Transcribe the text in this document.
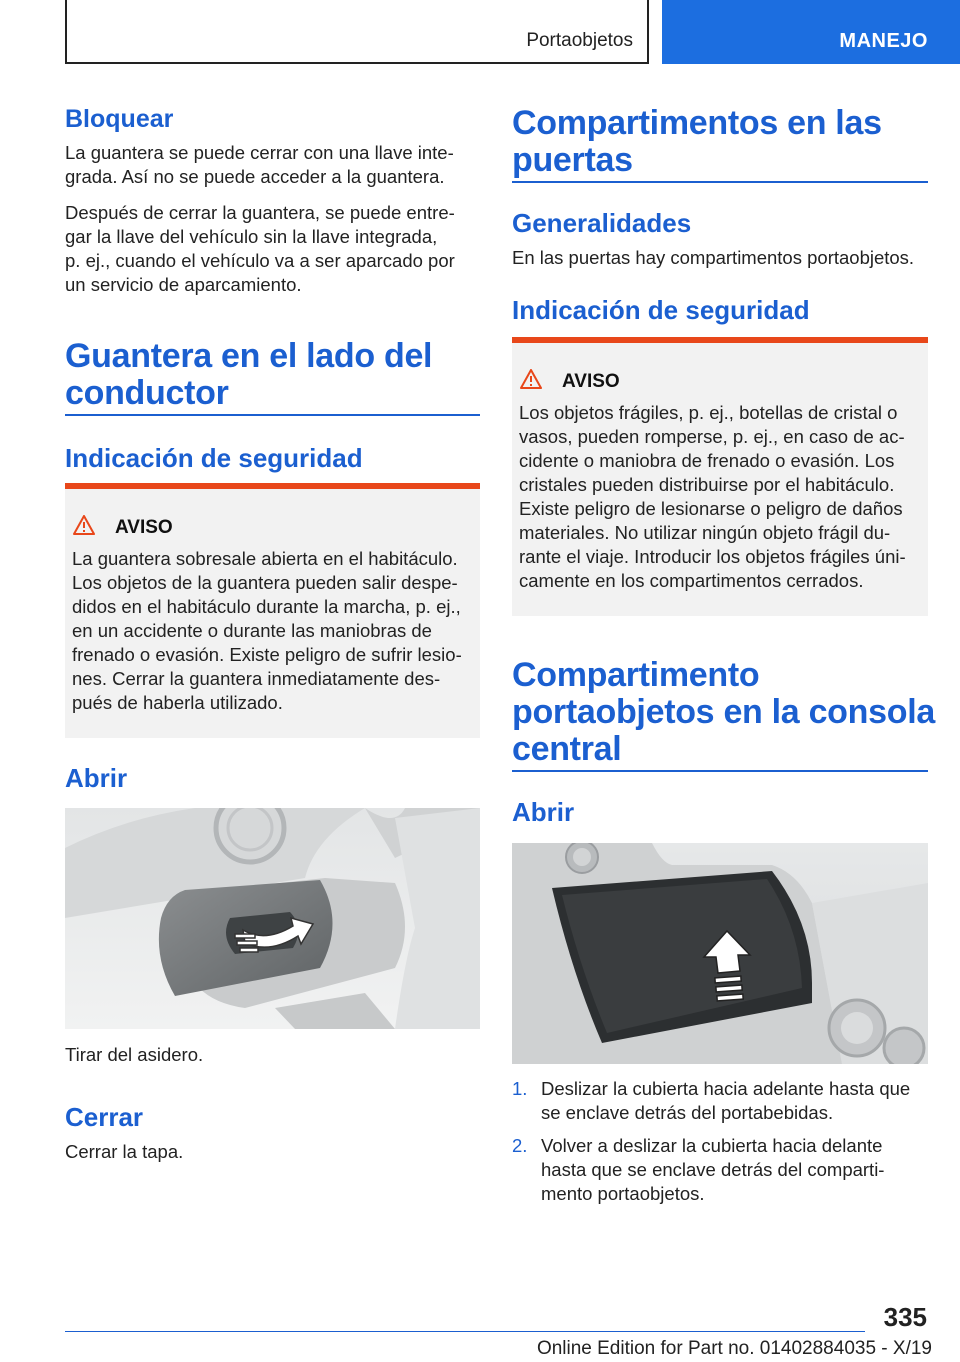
Portaobjetos	MANEJO
Bloquear
La guantera se puede cerrar con una llave inte-
grada. Así no se puede acceder a la guantera.
Después de cerrar la guantera, se puede entre-
gar la llave del vehículo sin la llave integrada,
p. ej., cuando el vehículo va a ser aparcado por
un servicio de aparcamiento.
Guantera en el lado del
conductor
Indicación de seguridad
AVISO
La guantera sobresale abierta en el habitáculo.
Los objetos de la guantera pueden salir despe-
didos en el habitáculo durante la marcha, p. ej.,
en un accidente o durante las maniobras de
frenado o evasión. Existe peligro de sufrir lesio-
nes. Cerrar la guantera inmediatamente des-
pués de haberla utilizado.
Abrir
Tirar del asidero.
Cerrar
Cerrar la tapa.
Compartimentos en las
puertas
Generalidades
En las puertas hay compartimentos portaobjetos.
Indicación de seguridad
AVISO
Los objetos frágiles, p. ej., botellas de cristal o
vasos, pueden romperse, p. ej., en caso de ac-
cidente o maniobra de frenado o evasión. Los
cristales pueden distribuirse por el habitáculo.
Existe peligro de lesionarse o peligro de daños
materiales. No utilizar ningún objeto frágil du-
rante el viaje. Introducir los objetos frágiles úni-
camente en los compartimentos cerrados.
Compartimento
portaobjetos en la consola
central
Abrir
1. Deslizar la cubierta hacia adelante hasta que
se enclave detrás del portabebidas.
2. Volver a deslizar la cubierta hacia delante
hasta que se enclave detrás del comparti-
mento portaobjetos.
335
Online Edition for Part no. 01402884035 - X/19
